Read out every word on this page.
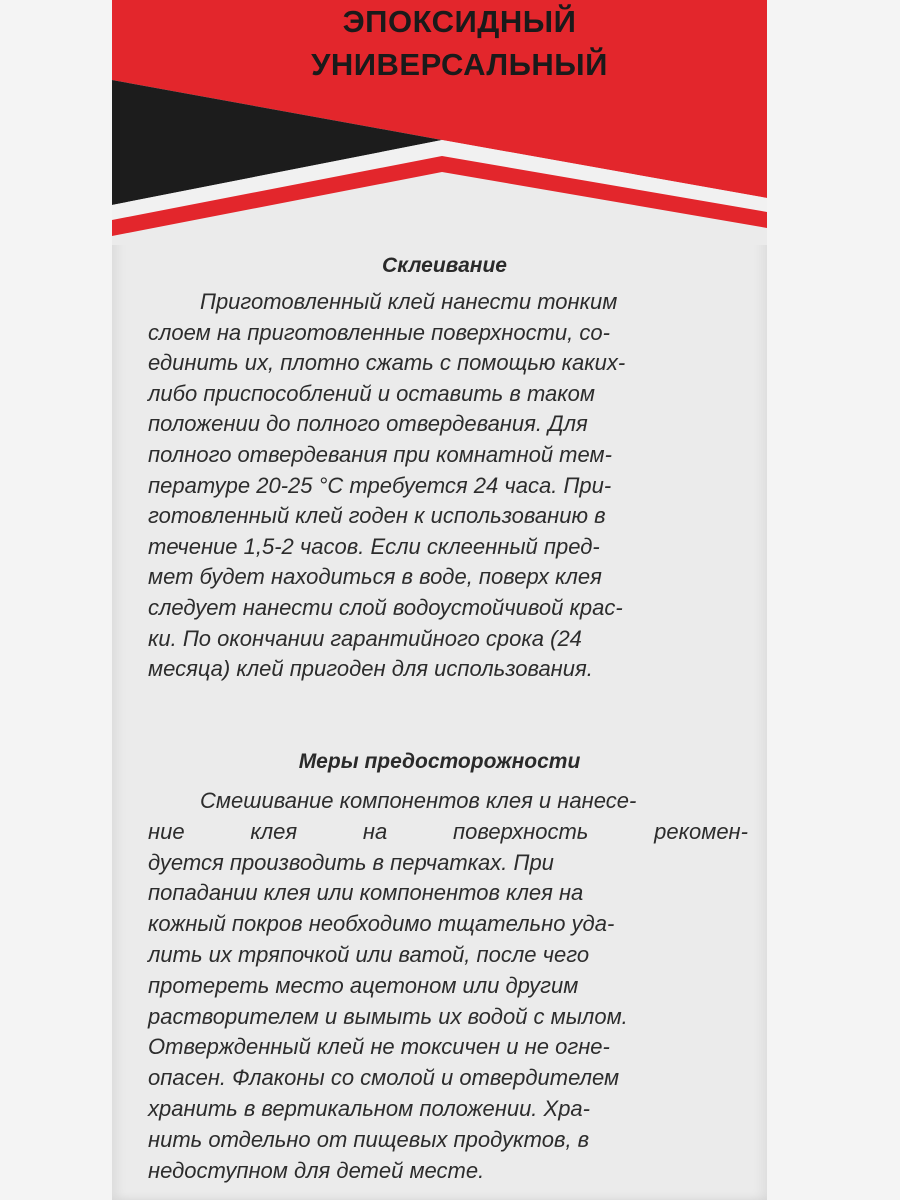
ЭПОКСИДНЫЙ
УНИВЕРСАЛЬНЫЙ
Склеивание
Приготовленный клей нанести тонким
слоем на приготовленные поверхности, со-
единить их, плотно сжать с помощью каких-
либо приспособлений и оставить в таком
положении до полного отвердевания. Для
полного отвердевания при комнатной тем-
пературе 20-25 °С требуется 24 часа. При-
готовленный клей годен к использованию в
течение 1,5-2 часов. Если склеенный пред-
мет будет находиться в воде, поверх клея
следует нанести слой водоустойчивой крас-
ки. По окончании гарантийного срока (24
месяца) клей пригоден для использования.
Меры предосторожности
Смешивание компонентов клея и нанесе-
ние клея на поверхность рекомен-
дуется производить в перчатках. При
попадании клея или компонентов клея на
кожный покров необходимо тщательно уда-
лить их тряпочкой или ватой, после чего
протереть место ацетоном или другим
растворителем и вымыть их водой с мылом.
Отвержденный клей не токсичен и не огне-
опасен. Флаконы со смолой и отвердителем
хранить в вертикальном положении. Хра-
нить отдельно от пищевых продуктов, в
недоступном для детей месте.
